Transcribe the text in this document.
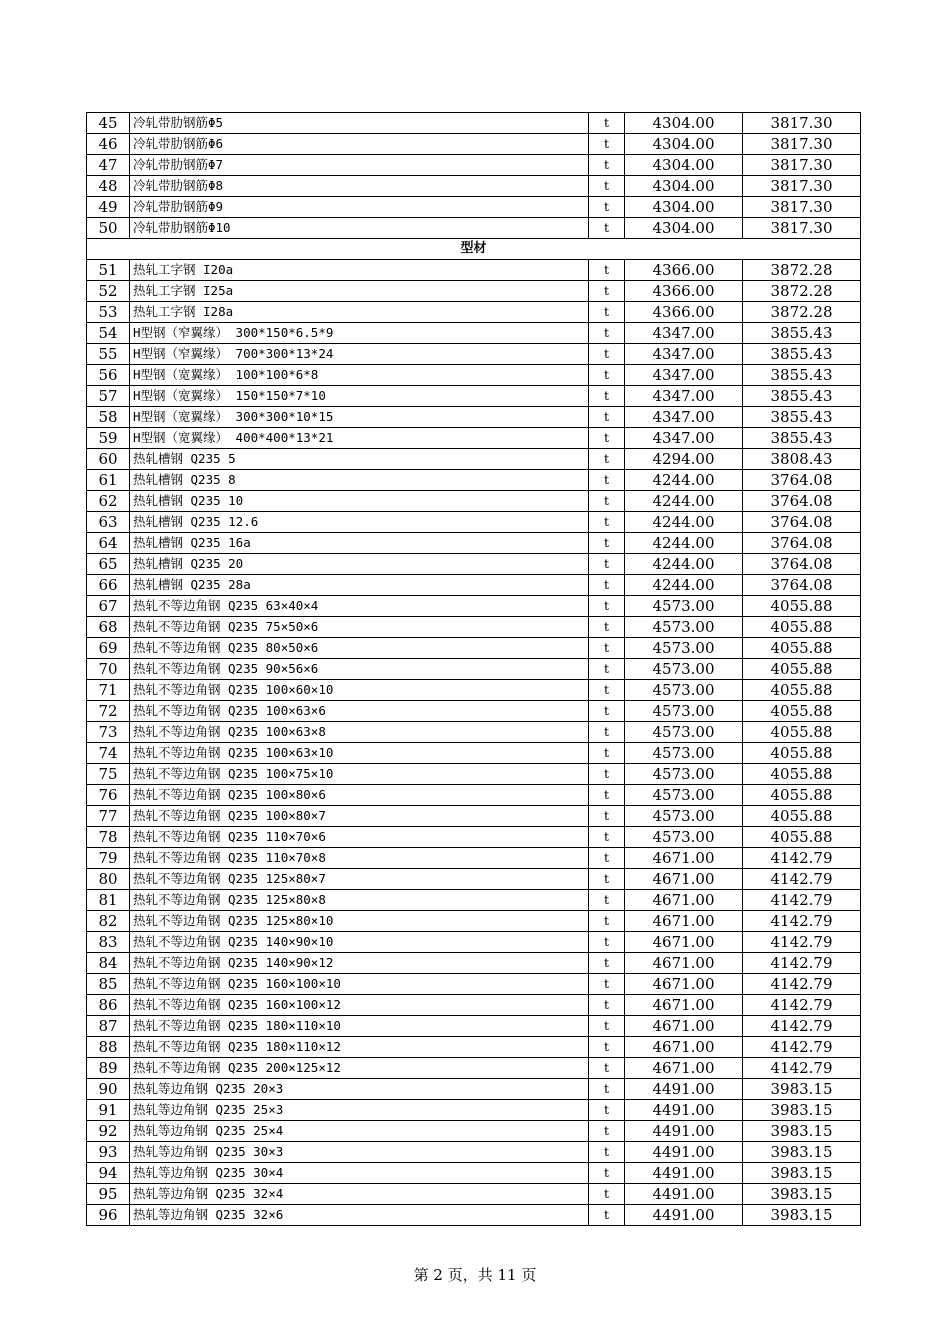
45	冷轧带肋钢筋Φ5	t	4304.00	3817.30
46	冷轧带肋钢筋Φ6	t	4304.00	3817.30
47	冷轧带肋钢筋Φ7	t	4304.00	3817.30
48	冷轧带肋钢筋Φ8	t	4304.00	3817.30
49	冷轧带肋钢筋Φ9	t	4304.00	3817.30
50	冷轧带肋钢筋Φ10	t	4304.00	3817.30
型材				
51	热轧工字钢 I20a	t	4366.00	3872.28
52	热轧工字钢 I25a	t	4366.00	3872.28
53	热轧工字钢 I28a	t	4366.00	3872.28
54	H型钢（窄翼缘） 300*150*6.5*9	t	4347.00	3855.43
55	H型钢（窄翼缘） 700*300*13*24	t	4347.00	3855.43
56	H型钢（宽翼缘） 100*100*6*8	t	4347.00	3855.43
57	H型钢（宽翼缘） 150*150*7*10	t	4347.00	3855.43
58	H型钢（宽翼缘） 300*300*10*15	t	4347.00	3855.43
59	H型钢（宽翼缘） 400*400*13*21	t	4347.00	3855.43
60	热轧槽钢 Q235 5	t	4294.00	3808.43
61	热轧槽钢 Q235 8	t	4244.00	3764.08
62	热轧槽钢 Q235 10	t	4244.00	3764.08
63	热轧槽钢 Q235 12.6	t	4244.00	3764.08
64	热轧槽钢 Q235 16a	t	4244.00	3764.08
65	热轧槽钢 Q235 20	t	4244.00	3764.08
66	热轧槽钢 Q235 28a	t	4244.00	3764.08
67	热轧不等边角钢 Q235 63×40×4	t	4573.00	4055.88
68	热轧不等边角钢 Q235 75×50×6	t	4573.00	4055.88
69	热轧不等边角钢 Q235 80×50×6	t	4573.00	4055.88
70	热轧不等边角钢 Q235 90×56×6	t	4573.00	4055.88
71	热轧不等边角钢 Q235 100×60×10	t	4573.00	4055.88
72	热轧不等边角钢 Q235 100×63×6	t	4573.00	4055.88
73	热轧不等边角钢 Q235 100×63×8	t	4573.00	4055.88
74	热轧不等边角钢 Q235 100×63×10	t	4573.00	4055.88
75	热轧不等边角钢 Q235 100×75×10	t	4573.00	4055.88
76	热轧不等边角钢 Q235 100×80×6	t	4573.00	4055.88
77	热轧不等边角钢 Q235 100×80×7	t	4573.00	4055.88
78	热轧不等边角钢 Q235 110×70×6	t	4573.00	4055.88
79	热轧不等边角钢 Q235 110×70×8	t	4671.00	4142.79
80	热轧不等边角钢 Q235 125×80×7	t	4671.00	4142.79
81	热轧不等边角钢 Q235 125×80×8	t	4671.00	4142.79
82	热轧不等边角钢 Q235 125×80×10	t	4671.00	4142.79
83	热轧不等边角钢 Q235 140×90×10	t	4671.00	4142.79
84	热轧不等边角钢 Q235 140×90×12	t	4671.00	4142.79
85	热轧不等边角钢 Q235 160×100×10	t	4671.00	4142.79
86	热轧不等边角钢 Q235 160×100×12	t	4671.00	4142.79
87	热轧不等边角钢 Q235 180×110×10	t	4671.00	4142.79
88	热轧不等边角钢 Q235 180×110×12	t	4671.00	4142.79
89	热轧不等边角钢 Q235 200×125×12	t	4671.00	4142.79
90	热轧等边角钢 Q235 20×3	t	4491.00	3983.15
91	热轧等边角钢 Q235 25×3	t	4491.00	3983.15
92	热轧等边角钢 Q235 25×4	t	4491.00	3983.15
93	热轧等边角钢 Q235 30×3	t	4491.00	3983.15
94	热轧等边角钢 Q235 30×4	t	4491.00	3983.15
95	热轧等边角钢 Q235 32×4	t	4491.00	3983.15
96	热轧等边角钢 Q235 32×6	t	4491.00	3983.15
第 2 页，共 11 页
